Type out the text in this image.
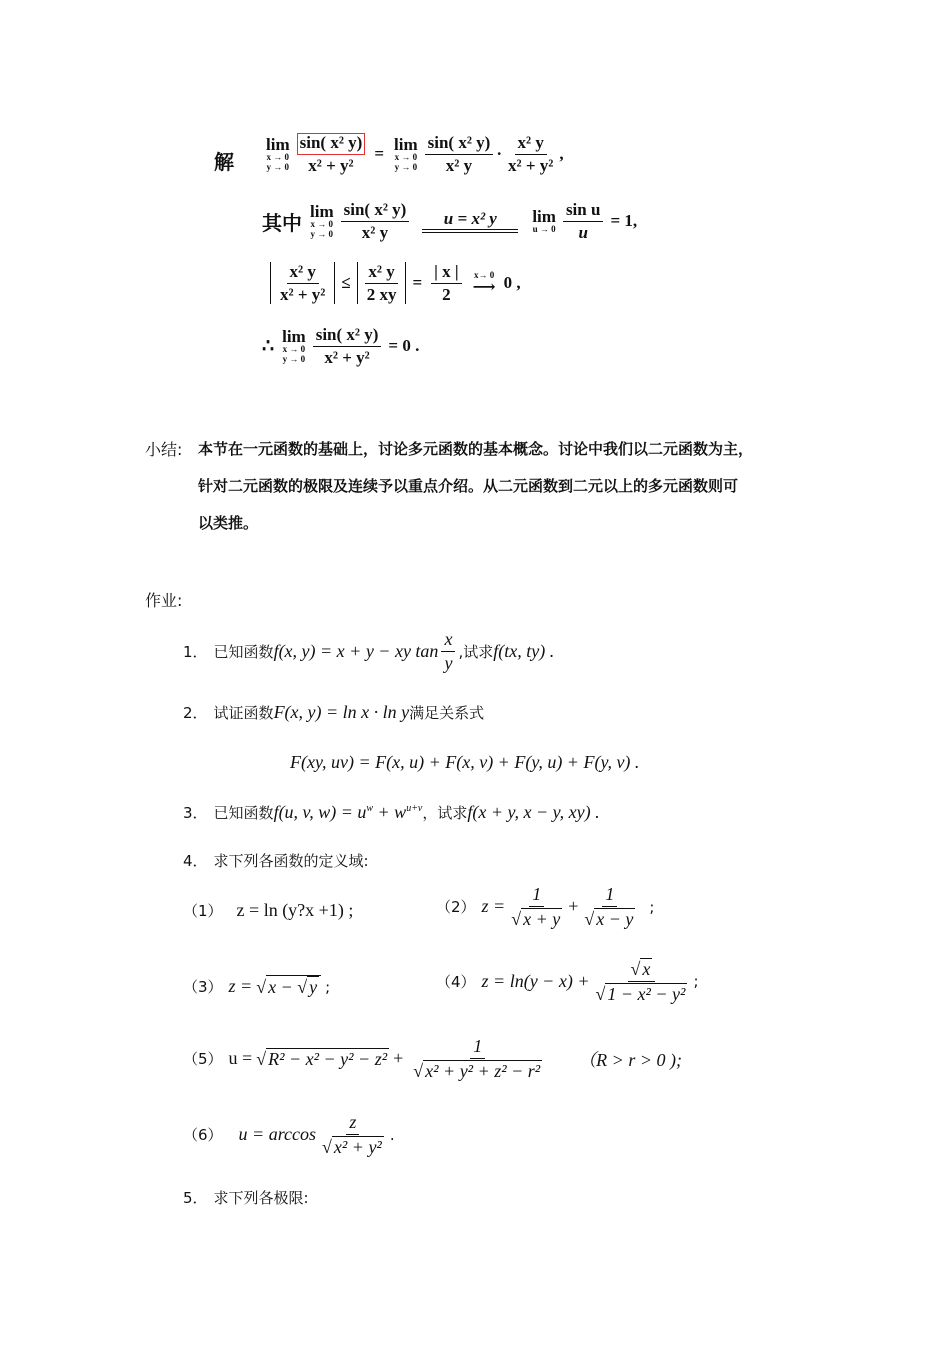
解
lim
x → 0
$y \to 0 \frac{\text{sin( x² y)}}{\text{x² + y²}} = \lim$
x → 0
$y \to 0 \frac{\text{sin( x² y)}}{\text{x² y}} \cdot \frac{\text{x² y}}{\text{x² + y²}}$ ,
其中 lim
x → 0
$y \to 0 \frac{\text{sin( x² y)}}{\text{x² y}}$ u = x² y lim
$u \to 0 \frac{\text{sin u}}{u} = 1$,
$\frac{\text{x² y}}{\text{x² + y²}} \le \frac{\text{x² y}}{2 xy} = \frac{| x |}{2} x\to 0$
⟶ 0 ,
∴ lim
x → 0
$y \to 0 \frac{\text{sin( x² y)}}{\text{x² + y²}} = 0$ .
小结: 本节在一元函数的基础上，讨论多元函数的基本概念。讨论中我们以二元函数为主，
针对二元函数的极限及连续予以重点介绍。从二元函数到二元以上的多元函数则可
以类推。
作业:
1． 已知函数 f(x, y) = x + y − xy $\tan \frac{x}{y}$ ,试求 f(tx, ty) .
2． 试证函数 F(x, y) = ln x · ln y 满足关系式
F(xy, uv) = F(x, u) + F(x, v) + F(y, u) + F(y, v) .
3． 已知函数 f(u, v, $w) = u^w + w^{u+v}$ ，试求 f(x + y, x − y, xy) .
4． 求下列各函数的定义域:
（1） z = ln (y?x +1) ;	（2） $z = \frac{1}{√ x + y} + \frac{1}{√ x - y}$ ;
（3） z = √ x − √ y ;	（4） $z = \ln(y - x) + \frac{√ x}{\text{√ 1 − x² − y²}}$ ;
（5） u = √ $R^2 - x^2 - y^2 - z^2 + \frac{1}{\text{√ x² + y² + z² − r²}} (R > r > 0$ );
（6） $u = \arccos \frac{z}{\text{√ x² + y²}}$ .
5． 求下列各极限:
